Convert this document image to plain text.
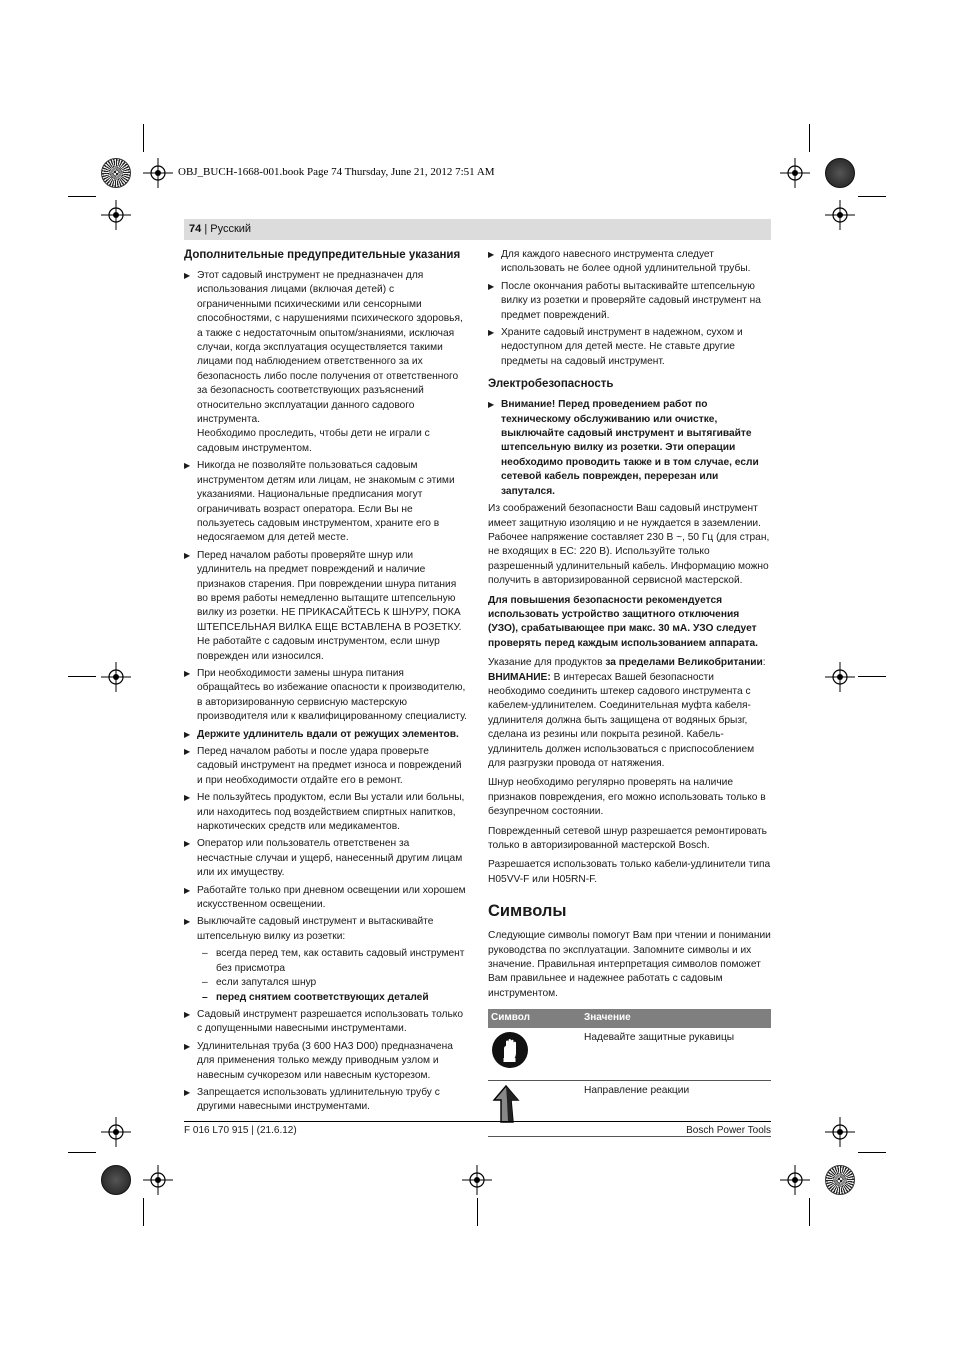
OBJ_BUCH-1668-001.book Page 74 Thursday, June 21, 2012 7:51 AM
74 | Русский
Дополнительные предупредительные указания
▶ Этот садовый инструмент не предназначен для использования лицами (включая детей) с ограниченными психическими или сенсорными способностями, с нарушениями психического здоровья, а также с недостаточным опытом/знаниями, исключая случаи, когда эксплуатация осуществляется такими лицами под наблюдением ответственного за их безопасность либо после получения от ответственного за безопасность соответствующих разъяснений относительно эксплуатации данного садового инструмента.

Необходимо проследить, чтобы дети не играли с садовым инструментом.

▶ Никогда не позволяйте пользоваться садовым инструментом детям или лицам, не знакомым с этими указаниями. Национальные предписания могут ограничивать возраст оператора. Если Вы не пользуетесь садовым инструментом, храните его в недосягаемом для детей месте.

▶ Перед началом работы проверяйте шнур или удлинитель на предмет повреждений и наличие признаков старения. При повреждении шнура питания во время работы немедленно вытащите штепсельную вилку из розетки. НЕ ПРИКАСАЙТЕСЬ К ШНУРУ, ПОКА ШТЕПСЕЛЬНАЯ ВИЛКА ЕЩЕ ВСТАВЛЕНА В РОЗЕТКУ. Не работайте с садовым инструментом, если шнур поврежден или износился.

▶ При необходимости замены шнура питания обращайтесь во избежание опасности к производителю, в авторизированную сервисную мастерскую производителя или к квалифицированному специалисту.

▶ Держите удлинитель вдали от режущих элементов.

▶ Перед началом работы и после удара проверьте садовый инструмент на предмет износа и повреждений и при необходимости отдайте его в ремонт.

▶ Не пользуйтесь продуктом, если Вы устали или больны, или находитесь под воздействием спиртных напитков, наркотических средств или медикаментов.

▶ Оператор или пользователь ответственен за несчастные случаи и ущерб, нанесенный другим лицам или их имуществу.

▶ Работайте только при дневном освещении или хорошем искусственном освещении.

▶ Выключайте садовый инструмент и вытаскивайте штепсельную вилку из розетки:

– всегда перед тем, как оставить садовый инструмент без присмотра

– если запутался шнур

– перед снятием соответствующих деталей

▶ Садовый инструмент разрешается использовать только с допущенными навесными инструментами.

▶ Удлинительная труба (3 600 HA3 D00) предназначена для применения только между приводным узлом и навесным сучкорезом или навесным кусторезом.

▶ Запрещается использовать удлинительную трубу с другими навесными инструментами.

▶ Для каждого навесного инструмента следует использовать не более одной удлинительной трубы.

▶ После окончания работы вытаскивайте штепсельную вилку из розетки и проверяйте садовый инструмент на предмет повреждений.

▶ Храните садовый инструмент в надежном, сухом и недоступном для детей месте. Не ставьте другие предметы на садовый инструмент.

Электробезопасность
▶ Внимание! Перед проведением работ по техническому обслуживанию или очистке, выключайте садовый инструмент и вытягивайте штепсельную вилку из розетки. Эти операции необходимо проводить также и в том случае, если сетевой кабель поврежден, перерезан или запутался.

Из соображений безопасности Ваш садовый инструмент имеет защитную изоляцию и не нуждается в заземлении. Рабочее напряжение составляет 230 В ~, 50 Гц (для стран, не входящих в ЕС: 220 В). Используйте только разрешенный удлинительный кабель. Информацию можно получить в авторизированной сервисной мастерской.

Для повышения безопасности рекомендуется использовать устройство защитного отключения (УЗО), срабатывающее при макс. 30 мА. УЗО следует проверять перед каждым использованием аппарата.

Указание для продуктов за пределами Великобритании:
ВНИМАНИЕ: В интересах Вашей безопасности необходимо соединить штекер садового инструмента с кабелем-удлинителем. Соединительная муфта кабеля-удлинителя должна быть защищена от водяных брызг, сделана из резины или покрыта резиной. Кабель-удлинитель должен использоваться с приспособлением для разгрузки провода от натяжения.

Шнур необходимо регулярно проверять на наличие признаков повреждения, его можно использовать только в безупречном состоянии.

Поврежденный сетевой шнур разрешается ремонтировать только в авторизированной мастерской Bosch.

Разрешается использовать только кабели-удлинители типа H05VV-F или H05RN-F.

Символы

Следующие символы помогут Вам при чтении и понимании руководства по эксплуатации. Запомните символы и их значение. Правильная интерпретация символов поможет Вам правильнее и надежнее работать с садовым инструментом.

Символ	Значение
	Надевайте защитные рукавицы
	Направление реакции
F 016 L70 915 | (21.6.12)	Bosch Power Tools
